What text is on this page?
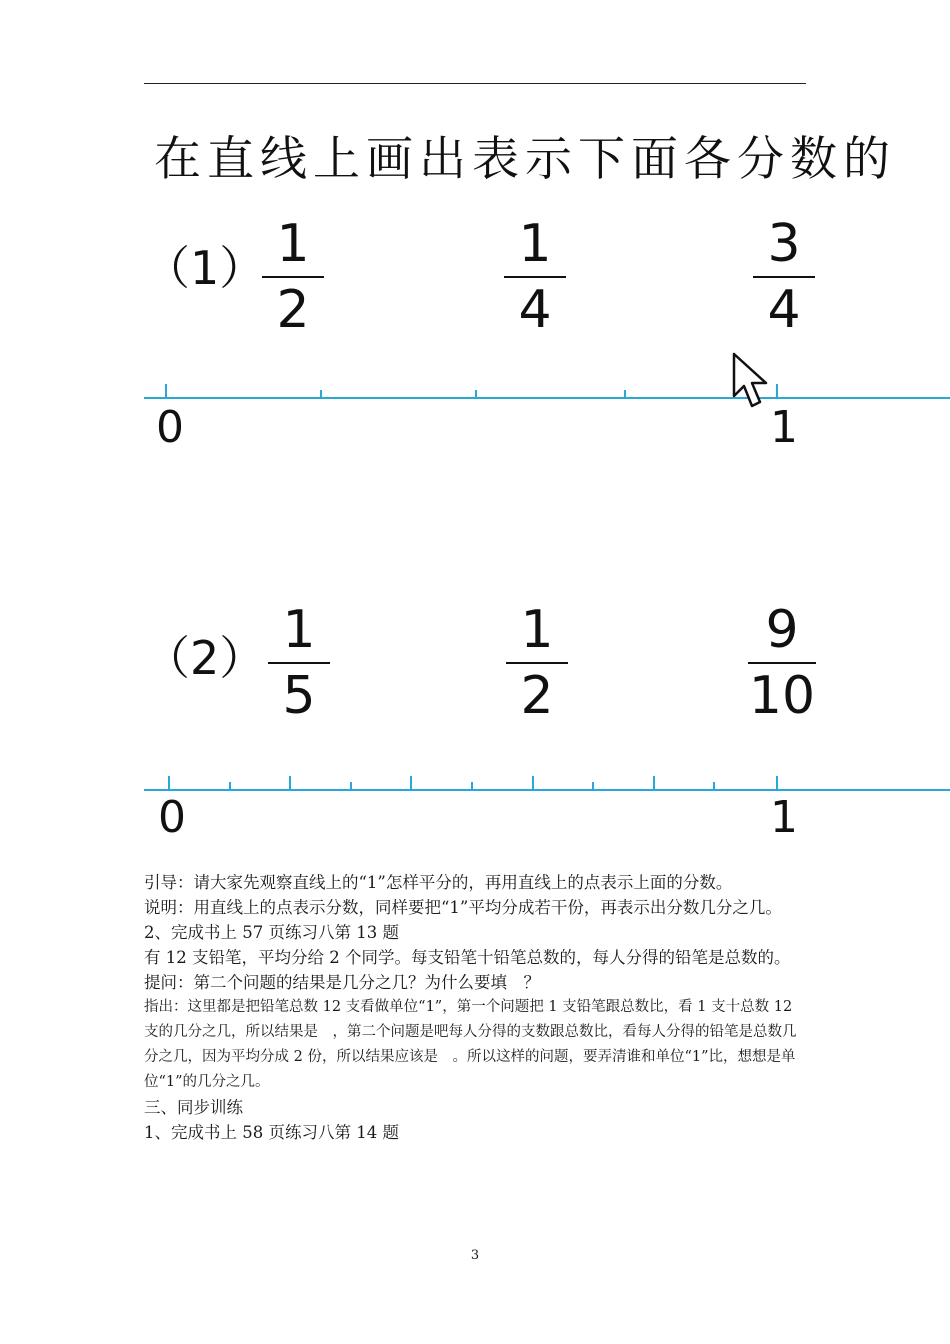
在直线上画出表示下面各分数的
（1） 1
2
1
4
3
4
0	1
（2） 1
5
1
2
9
10
0	1

引导：请大家先观察直线上的“1”怎样平分的，再用直线上的点表示上面的分数。

说明：用直线上的点表示分数，同样要把“1”平均分成若干份，再表示出分数几分之几。

2、完成书上 57 页练习八第 13 题

有 12 支铅笔，平均分给 2 个同学。每支铅笔十铅笔总数的，每人分得的铅笔是总数的。

提问：第二个问题的结果是几分之几？为什么要填　？

指出：这里都是把铅笔总数 12 支看做单位“1”，第一个问题把 1 支铅笔跟总数比，看 1 支十总数 12 支的几分之几，所以结果是　，第二个问题是吧每人分得的支数跟总数比，看每人分得的铅笔是总数几分之几，因为平均分成 2 份，所以结果应该是　。所以这样的问题，要弄清谁和单位“1”比，想想是单位“1”的几分之几。

三、同步训练

1、完成书上 58 页练习八第 14 题

3
